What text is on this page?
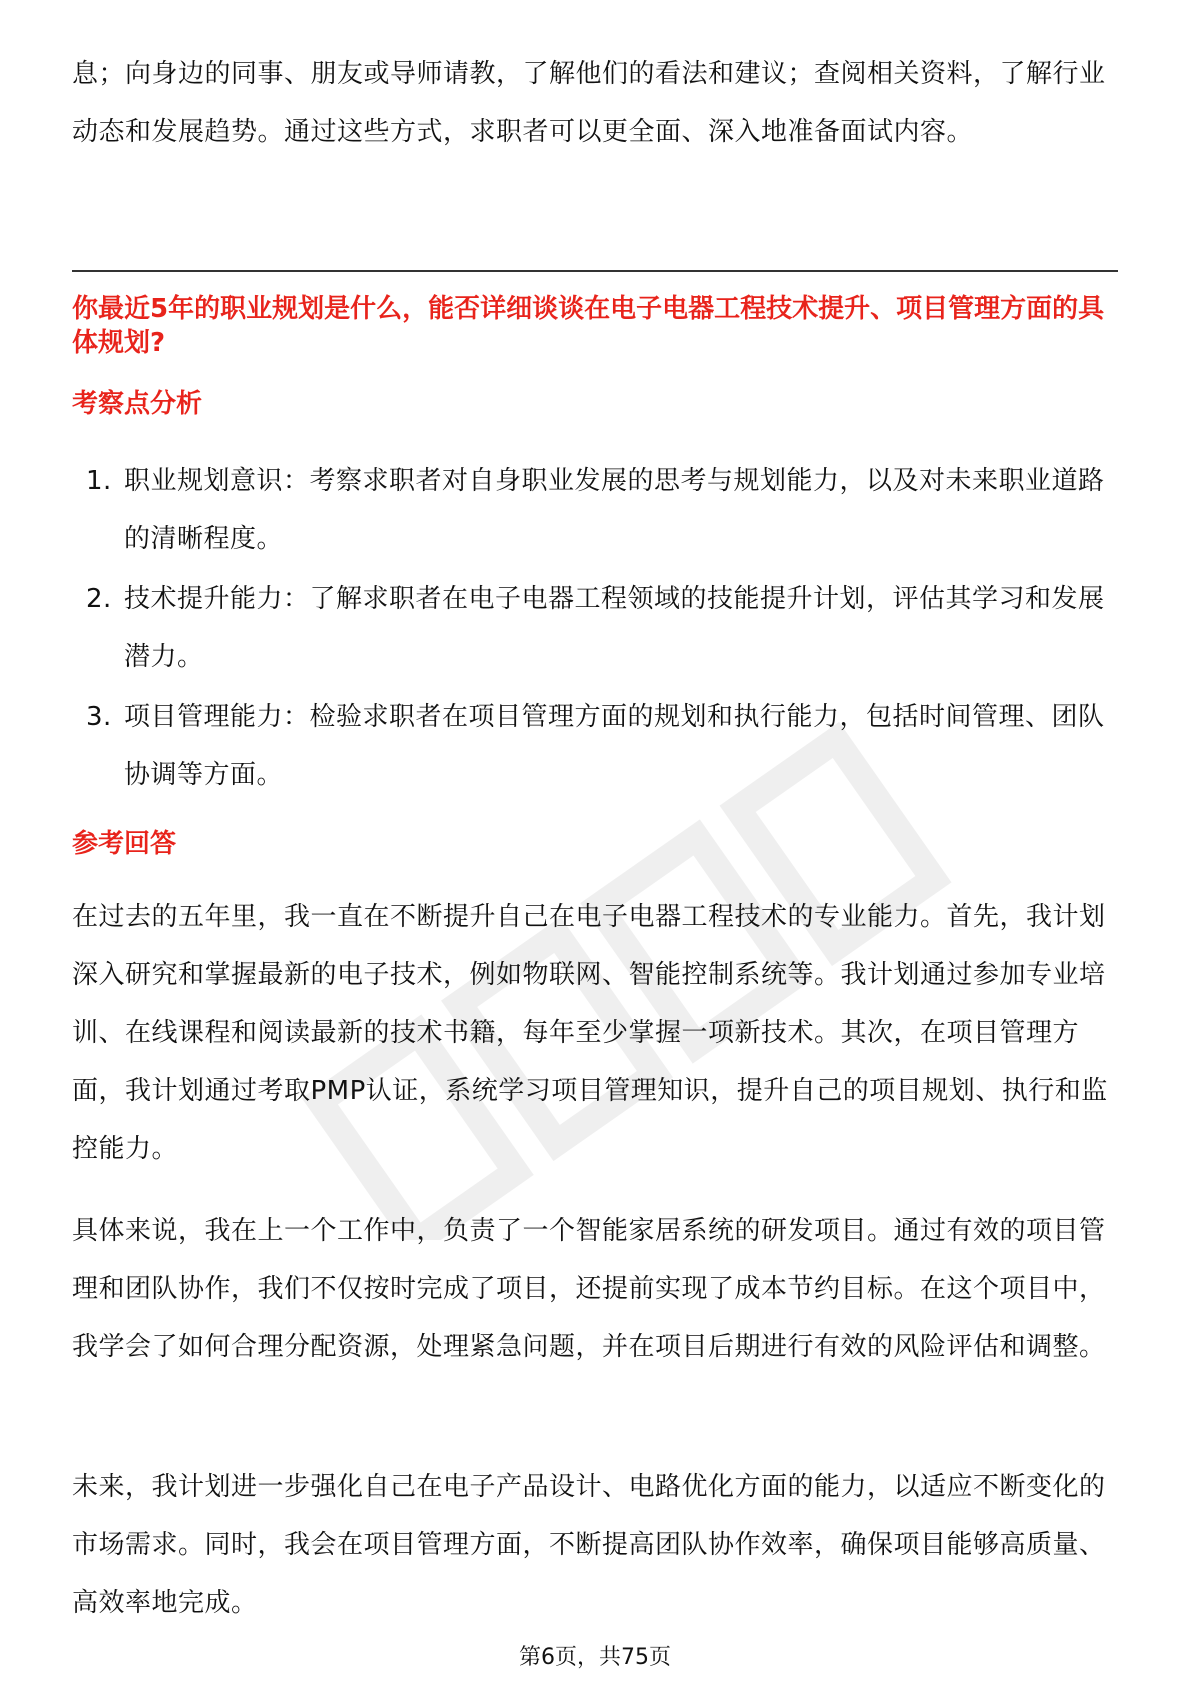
息；向身边的同事、朋友或导师请教，了解他们的看法和建议；查阅相关资料，了解行业动态和发展趋势。通过这些方式，求职者可以更全面、深入地准备面试内容。

你最近5年的职业规划是什么，能否详细谈谈在电子电器工程技术提升、项目管理方面的具体规划?

考察点分析

1. 职业规划意识：考察求职者对自身职业发展的思考与规划能力，以及对未来职业道路的清晰程度。
2. 技术提升能力：了解求职者在电子电器工程领域的技能提升计划，评估其学习和发展潜力。
3. 项目管理能力：检验求职者在项目管理方面的规划和执行能力，包括时间管理、团队协调等方面。

参考回答

在过去的五年里，我一直在不断提升自己在电子电器工程技术的专业能力。首先，我计划深入研究和掌握最新的电子技术，例如物联网、智能控制系统等。我计划通过参加专业培训、在线课程和阅读最新的技术书籍，每年至少掌握一项新技术。其次，在项目管理方面，我计划通过考取PMP认证，系统学习项目管理知识，提升自己的项目规划、执行和监控能力。

具体来说，我在上一个工作中，负责了一个智能家居系统的研发项目。通过有效的项目管理和团队协作，我们不仅按时完成了项目，还提前实现了成本节约目标。在这个项目中，我学会了如何合理分配资源，处理紧急问题，并在项目后期进行有效的风险评估和调整。

未来，我计划进一步强化自己在电子产品设计、电路优化方面的能力，以适应不断变化的市场需求。同时，我会在项目管理方面，不断提高团队协作效率，确保项目能够高质量、高效率地完成。

第6页，共75页
